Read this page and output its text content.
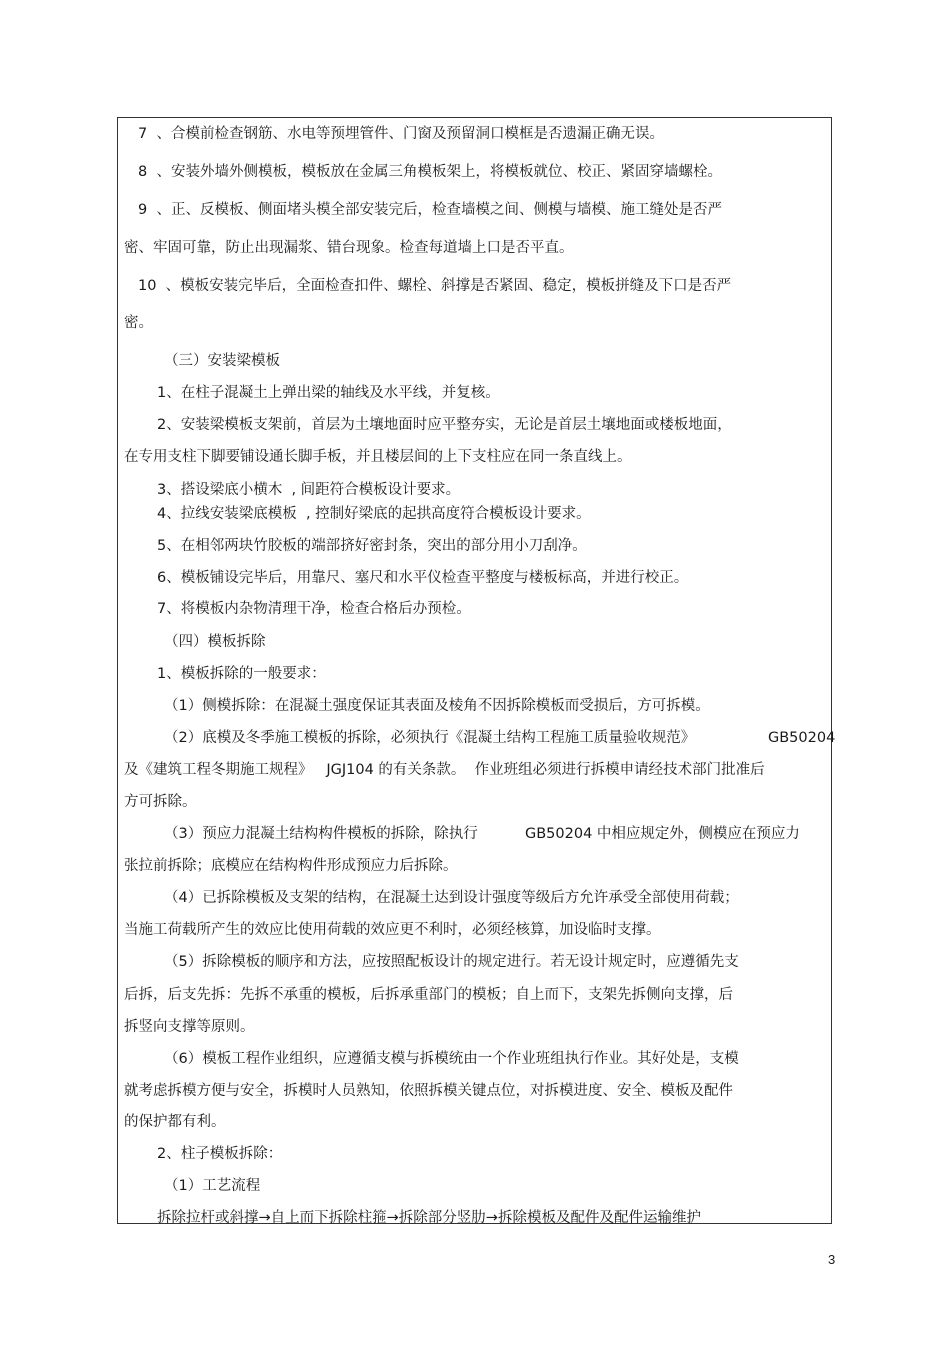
7  、合模前检查钢筋、水电等预埋管件、门窗及预留洞口模框是否遗漏正确无误。
8  、安装外墙外侧模板，模板放在金属三角模板架上，将模板就位、校正、紧固穿墙螺栓。
9  、正、反模板、侧面堵头模全部安装完后，检查墙模之间、侧模与墙模、施工缝处是否严
密、牢固可靠，防止出现漏浆、错台现象。检查每道墙上口是否平直。
10  、模板安装完毕后，全面检查扣件、螺栓、斜撑是否紧固、稳定，模板拼缝及下口是否严
密。
（三）安装梁模板
1、在柱子混凝土上弹出梁的轴线及水平线，并复核。
2、安装梁模板支架前，首层为土壤地面时应平整夯实，无论是首层土壤地面或楼板地面，
在专用支柱下脚要铺设通长脚手板，并且楼层间的上下支柱应在同一条直线上。
3、搭设梁底小横木  , 间距符合模板设计要求。
4、拉线安装梁底模板  , 控制好梁底的起拱高度符合模板设计要求。
5、在相邻两块竹胶板的端部挤好密封条，突出的部分用小刀刮净。
6、模板铺设完毕后，用靠尺、塞尺和水平仪检查平整度与楼板标高，并进行校正。
7、将模板内杂物清理干净，检查合格后办预检。
（四）模板拆除
1、模板拆除的一般要求：
（1）侧模拆除：在混凝土强度保证其表面及棱角不因拆除模板而受损后，方可拆模。
（2）底模及冬季施工模板的拆除，必须执行《混凝土结构工程施工质量验收规范》	GB50204
及《建筑工程冬期施工规程》   JGJ104 的有关条款。  作业班组必须进行拆模申请经技术部门批准后
方可拆除。
（3）预应力混凝土结构构件模板的拆除，除执行	GB50204 中相应规定外，侧模应在预应力
张拉前拆除；底模应在结构构件形成预应力后拆除。
（4）已拆除模板及支架的结构，在混凝土达到设计强度等级后方允许承受全部使用荷载；
当施工荷载所产生的效应比使用荷载的效应更不利时，必须经核算，加设临时支撑。
（5）拆除模板的顺序和方法，应按照配板设计的规定进行。若无设计规定时，应遵循先支
后拆，后支先拆：先拆不承重的模板，后拆承重部门的模板；自上而下，支架先拆侧向支撑，后
拆竖向支撑等原则。
（6）模板工程作业组织，应遵循支模与拆模统由一个作业班组执行作业。其好处是，支模
就考虑拆模方便与安全，拆模时人员熟知，依照拆模关键点位，对拆模进度、安全、模板及配件
的保护都有利。
2、柱子模板拆除：
（1）工艺流程
拆除拉杆或斜撑→自上而下拆除柱箍→拆除部分竖肋→拆除模板及配件及配件运输维护
3
